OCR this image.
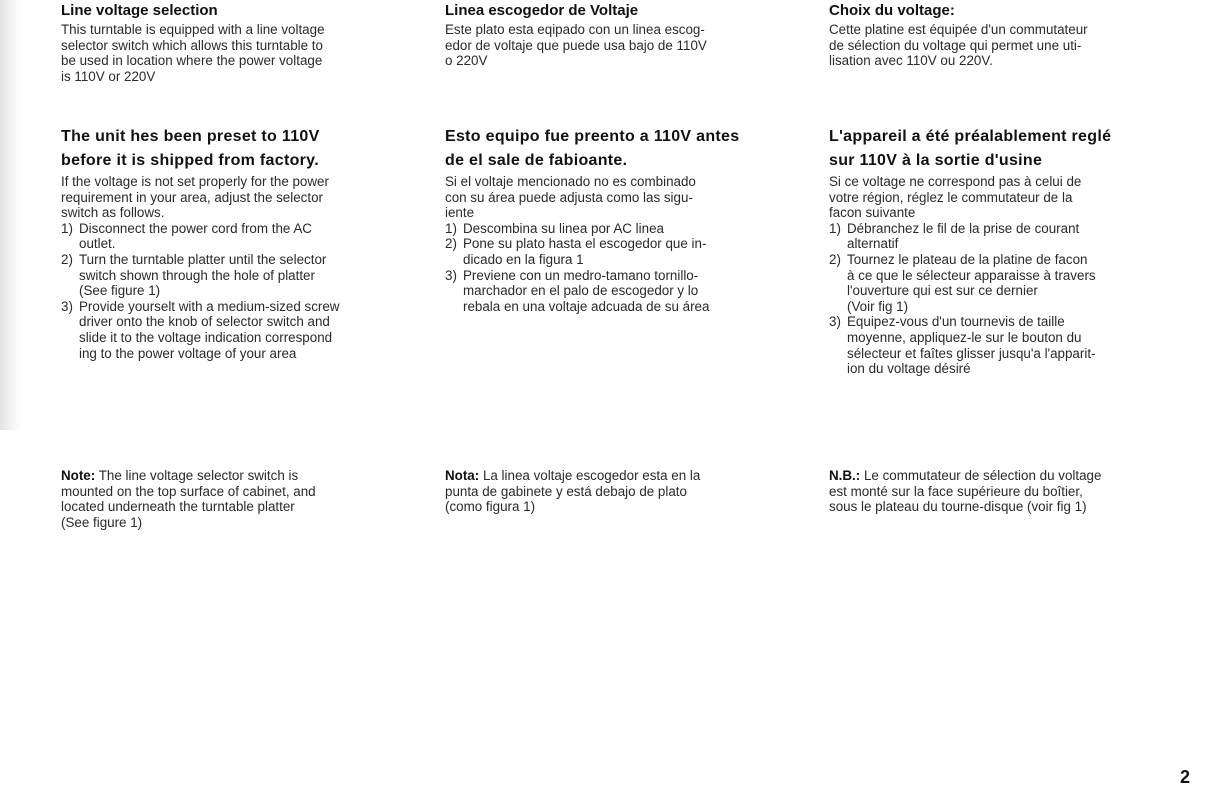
Line voltage selection

This turntable is equipped with a line voltage
selector switch which allows this turntable to
be used in location where the power voltage
is 110V or 220V

The unit hes been preset to 110V
before it is shipped from factory.

If the voltage is not set properly for the power
requirement in your area, adjust the selector
switch as follows.

1) Disconnect the power cord from the AC
outlet.
2) Turn the turntable platter until the selector
switch shown through the hole of platter
(See figure 1)
3) Provide yourselt with a medium-sized screw
driver onto the knob of selector switch and
slide it to the voltage indication correspond
ing to the power voltage of your area

Note: The line voltage selector switch is
mounted on the top surface of cabinet, and
located underneath the turntable platter
(See figure 1)

Linea escogedor de Voltaje

Este plato esta eqipado con un linea escog-
edor de voltaje que puede usa bajo de 110V
o 220V

Esto equipo fue preento a 110V antes
de el sale de fabioante.

Si el voltaje mencionado no es combinado
con su área puede adjusta como las sigu-
iente

1) Descombina su linea por AC linea
2) Pone su plato hasta el escogedor que in-
dicado en la figura 1
3) Previene con un medro-tamano tornillo-
marchador en el palo de escogedor y lo
rebala en una voltaje adcuada de su área

Nota: La linea voltaje escogedor esta en la
punta de gabinete y está debajo de plato
(como figura 1)

Choix du voltage:

Cette platine est équipée d'un commutateur
de sélection du voltage qui permet une uti-
lisation avec 110V ou 220V.

L'appareil a été préalablement reglé
sur 110V à la sortie d'usine

Si ce voltage ne correspond pas à celui de
votre région, réglez le commutateur de la
facon suivante

1) Débranchez le fil de la prise de courant
alternatif
2) Tournez le plateau de la platine de facon
à ce que le sélecteur apparaisse à travers
l'ouverture qui est sur ce dernier
(Voir fig 1)
3) Equipez-vous d'un tournevis de taille
moyenne, appliquez-le sur le bouton du
sélecteur et faîtes glisser jusqu'a l'apparit-
ion du voltage désiré

N.B.: Le commutateur de sélection du voltage
est monté sur la face supérieure du boîtier,
sous le plateau du tourne-disque (voir fig 1)

2
